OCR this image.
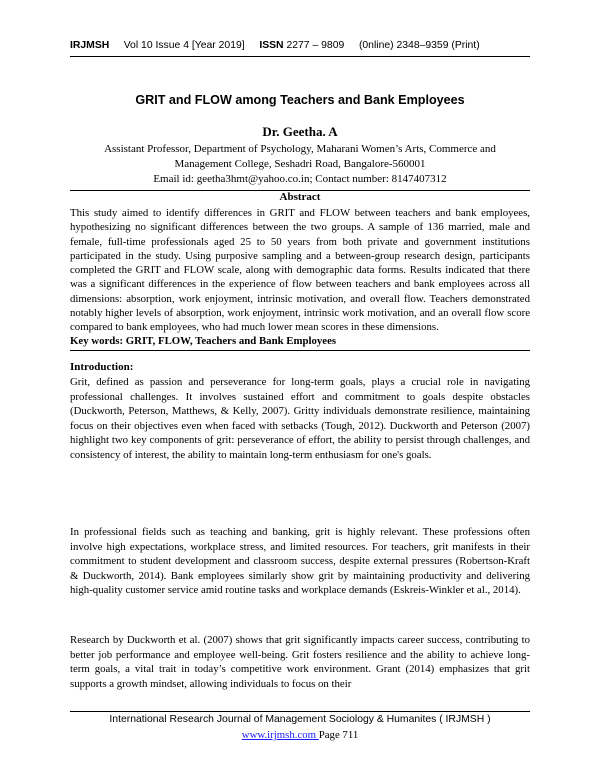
IRJMSH Vol 10 Issue 4 [Year 2019] ISSN 2277 – 9809 (0nline) 2348–9359 (Print)
GRIT and FLOW among Teachers and Bank Employees
Dr. Geetha. A
Assistant Professor, Department of Psychology, Maharani Women’s Arts, Commerce and
Management College, Seshadri Road, Bangalore-560001
Email id: geetha3hmt@yahoo.co.in; Contact number: 8147407312
Abstract
This study aimed to identify differences in GRIT and FLOW between teachers and bank employees, hypothesizing no significant differences between the two groups. A sample of 136 married, male and female, full-time professionals aged 25 to 50 years from both private and government institutions participated in the study. Using purposive sampling and a between-group research design, participants completed the GRIT and FLOW scale, along with demographic data forms. Results indicated that there was a significant differences in the experience of flow between teachers and bank employees across all dimensions: absorption, work enjoyment, intrinsic motivation, and overall flow. Teachers demonstrated notably higher levels of absorption, work enjoyment, intrinsic work motivation, and an overall flow score compared to bank employees, who had much lower mean scores in these dimensions.
Key words: GRIT, FLOW, Teachers and Bank Employees
Introduction:
Grit, defined as passion and perseverance for long-term goals, plays a crucial role in navigating professional challenges. It involves sustained effort and commitment to goals despite obstacles (Duckworth, Peterson, Matthews, & Kelly, 2007). Gritty individuals demonstrate resilience, maintaining focus on their objectives even when faced with setbacks (Tough, 2012). Duckworth and Peterson (2007) highlight two key components of grit: perseverance of effort, the ability to persist through challenges, and consistency of interest, the ability to maintain long-term enthusiasm for one's goals.
In professional fields such as teaching and banking, grit is highly relevant. These professions often involve high expectations, workplace stress, and limited resources. For teachers, grit manifests in their commitment to student development and classroom success, despite external pressures (Robertson-Kraft & Duckworth, 2014). Bank employees similarly show grit by maintaining productivity and delivering high-quality customer service amid routine tasks and workplace demands (Eskreis-Winkler et al., 2014).
Research by Duckworth et al. (2007) shows that grit significantly impacts career success, contributing to better job performance and employee well-being. Grit fosters resilience and the ability to achieve long-term goals, a vital trait in today’s competitive work environment. Grant (2014) emphasizes that grit supports a growth mindset, allowing individuals to focus on their
International Research Journal of Management Sociology & Humanites ( IRJMSH )
www.irjmsh.com Page 711
